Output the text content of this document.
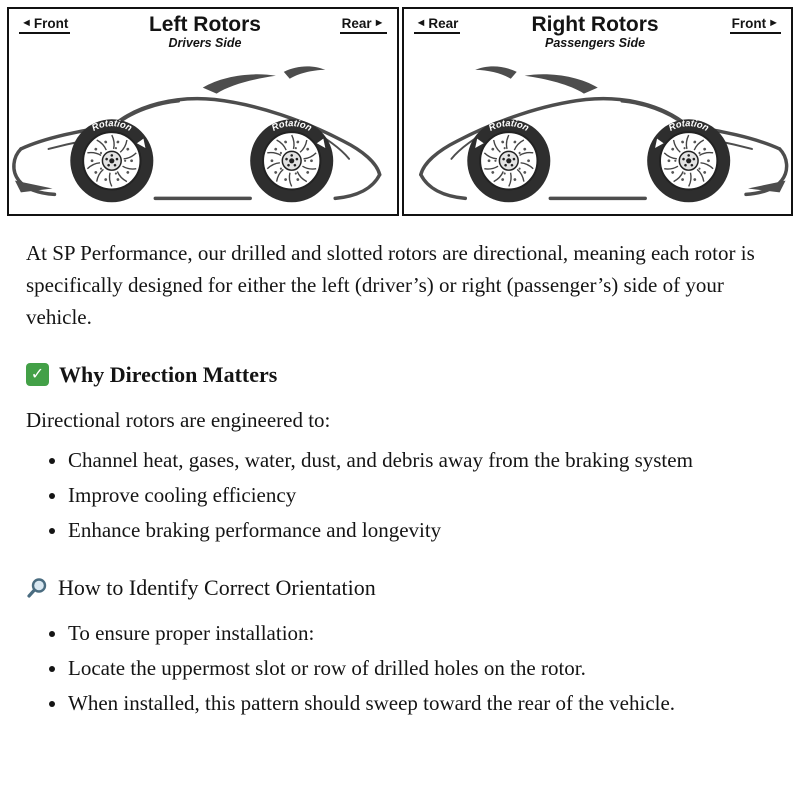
◄
Front	Left Rotors
Drivers Side
Rear
►
Rotation	Rotation
◄
Rear	Right Rotors
Passengers Side
Front
►
Rotation
Rotation

At SP Performance, our drilled and slotted rotors are directional, meaning each rotor is specifically designed for either the left (driver’s) or right (passenger’s) side of your vehicle.

✓
Why Direction Matters

Directional rotors are engineered to:

• Channel heat, gases, water, dust, and debris away from the braking system
• Improve cooling efficiency
• Enhance braking performance and longevity
How to Identify Correct Orientation
• To ensure proper installation:
• Locate the uppermost slot or row of drilled holes on the rotor.
• When installed, this pattern should sweep toward the rear of the vehicle.
